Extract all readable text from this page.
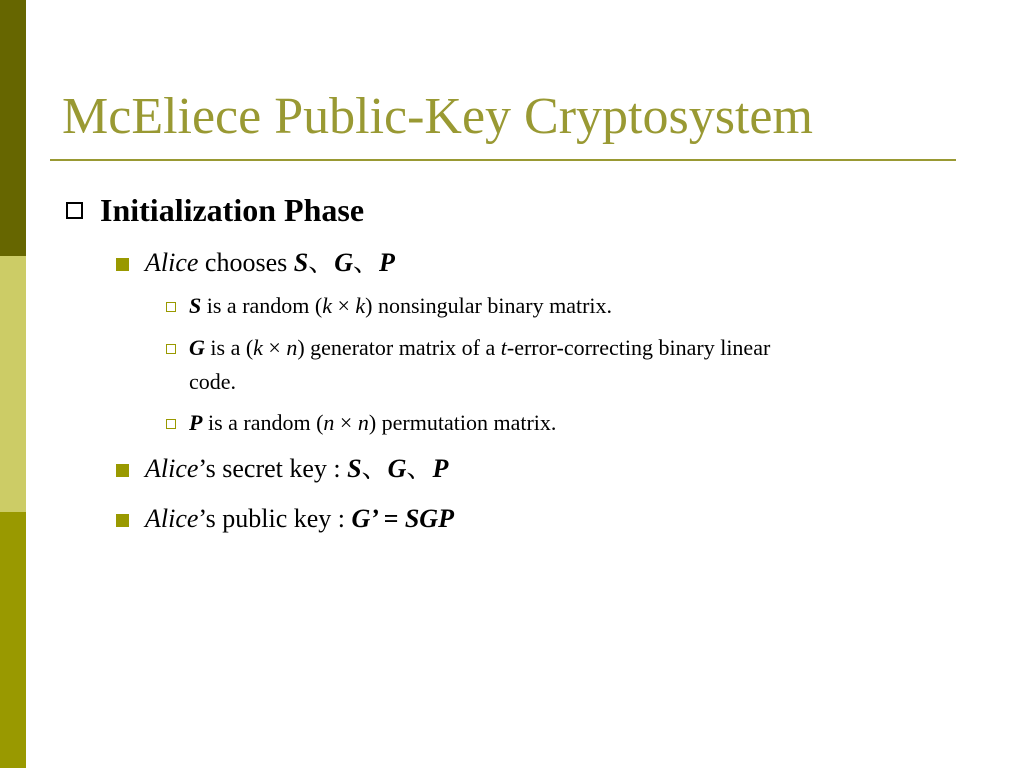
McEliece Public-Key Cryptosystem
Initialization Phase
Alice chooses S、G、P
S is a random (k × k) nonsingular binary matrix.
G is a (k × n) generator matrix of a t-error-correcting binary linear
code.
P is a random (n × n) permutation matrix.
Alice’s secret key : S、G、P
Alice’s public key : G’ = SGP
